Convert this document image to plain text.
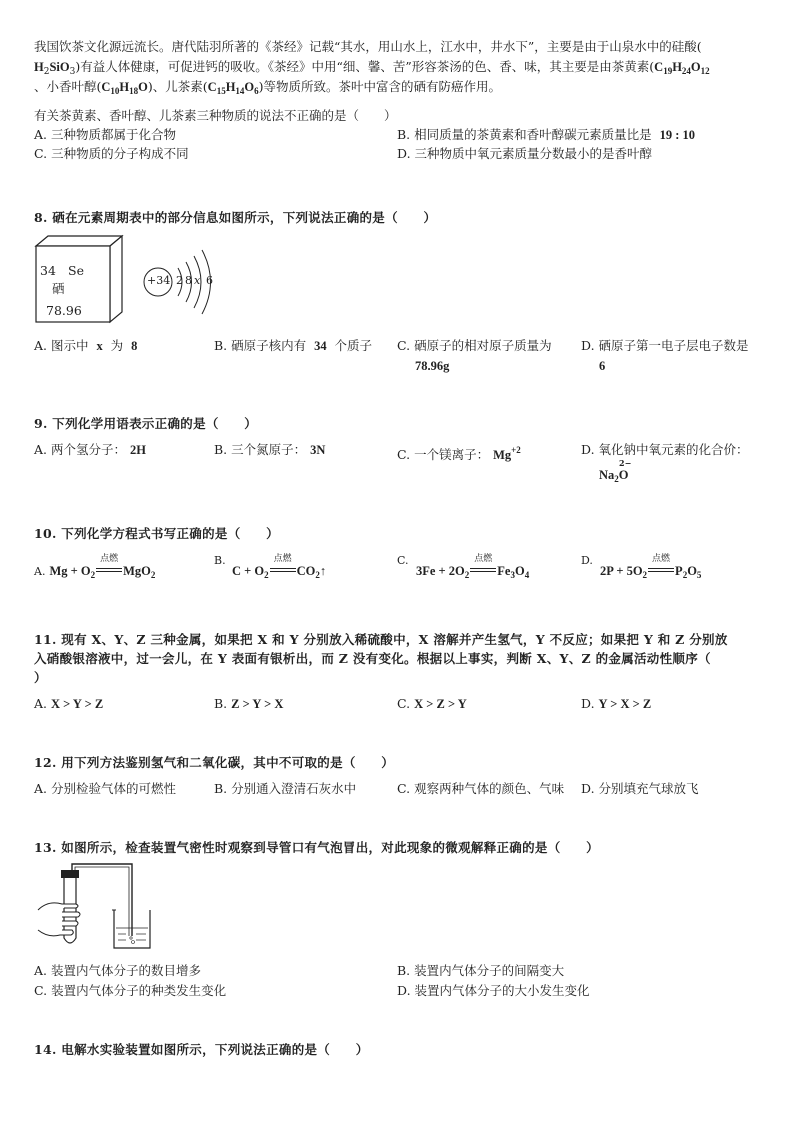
我国饮茶文化源远流长。唐代陆羽所著的《茶经》记载“其水，用山水上，江水中，井水下”，主要是由于山泉水中的硅酸(
$H_2SiO_3$)有益人体健康，可促进钙的吸收。《茶经》中用“细、馨、苦”形容茶汤的色、香、味，其主要是由茶黄素($C_{19}H_{24}O_{12}$
、小香叶醇$(C_{10}H_{18}O)$、儿茶素$(C_{15}H_{14}O_6)$等物质所致。茶叶中富含的硒有防癌作用。
有关茶黄素、香叶醇、儿茶素三种物质的说法不正确的是（　　）
A. 三种物质都属于化合物	B. 相同质量的茶黄素和香叶醇碳元素质量比是 19 : 10
C. 三种物质的分子构成不同	D. 三种物质中氧元素质量分数最小的是香叶醇
8. 硒在元素周期表中的部分信息如图所示，下列说法正确的是（　　）
34 Se
硒
78.96
+34 2 8 x 6
A. 图示中 x 为 8	B. 硒原子核内有 34 个质子 C. 硒原子的相对原子质量为
78.96g
D. 硒原子第一电子层电子数是
6
9. 下列化学用语表示正确的是（　　）
A. 两个氢分子： 2H	B. 三个氮原子： 3N	C. 一个镁离子： $Mg^{+2}$	D. 氧化钠中氧元素的化合价：
2−
$Na_2O$
10. 下列化学方程式书写正确的是（　　）
A. $Mg + O_2$
点燃
MgO$_2$
B.
$C + O_2$
点燃
$CO_2↑$
C.
$3Fe + 2O_2$
点燃
$Fe_3O_4$
D.
$2P + 5O_2$
点燃
$P_2O_5$
11. 现有 X、Y、Z 三种金属，如果把 X 和 Y 分别放入稀硫酸中，X 溶解并产生氢气，Y 不反应；如果把 Y 和 Z 分别放
入硝酸银溶液中，过一会儿，在 Y 表面有银析出，而 Z 没有变化。根据以上事实，判断 X、Y、Z 的金属活动性顺序（
）
A. X > Y > Z	B. Z > Y > X	C. X > Z > Y	D. Y > X > Z
12. 用下列方法鉴别氢气和二氧化碳，其中不可取的是（　　）
A. 分别检验气体的可燃性	B. 分别通入澄清石灰水中	C. 观察两种气体的颜色、气味 D. 分别填充气球放飞
13. 如图所示，检查装置气密性时观察到导管口有气泡冒出，对此现象的微观解释正确的是（　　）
A. 装置内气体分子的数目增多	B. 装置内气体分子的间隔变大
C. 装置内气体分子的种类发生变化	D. 装置内气体分子的大小发生变化
14. 电解水实验装置如图所示，下列说法正确的是（　　）
